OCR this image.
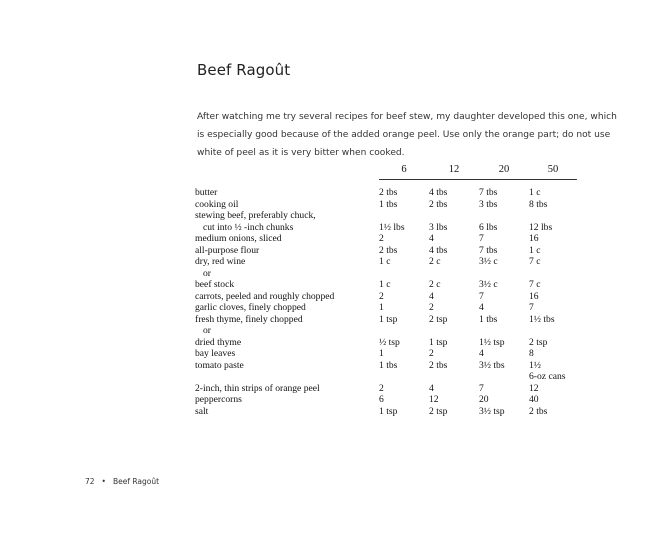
Beef Ragoût

After watching me try several recipes for beef stew, my daughter developed this one, which
is especially good because of the added orange peel. Use only the orange part; do not use
white of peel as it is very bitter when cooked.

	6	12	20	50

butter	2 tbs	4 tbs	7 tbs	1 c
cooking oil	1 tbs	2 tbs	3 tbs	8 tbs
stewing beef, preferably chuck,				
cut into ½ -inch chunks	1½ lbs	3 lbs	6 lbs	12 lbs
medium onions, sliced	2	4	7	16
all-purpose flour	2 tbs	4 tbs	7 tbs	1 c
dry, red wine	1 c	2 c	3½ c	7 c
or				
beef stock	1 c	2 c	3½ c	7 c
carrots, peeled and roughly chopped	2	4	7	16
garlic cloves, finely chopped	1	2	4	7
fresh thyme, finely chopped	1 tsp	2 tsp	1 tbs	1½ tbs
or				
dried thyme	½ tsp	1 tsp	1½ tsp	2 tsp
bay leaves	1	2	4	8
tomato paste	1 tbs	2 tbs	3½ tbs	1½
				6-oz cans
2-inch, thin strips of orange peel	2	4	7	12
peppercorns	6	12	20	40
salt	1 tsp	2 tsp	3½ tsp	2 tbs
72 • Beef Ragoût
